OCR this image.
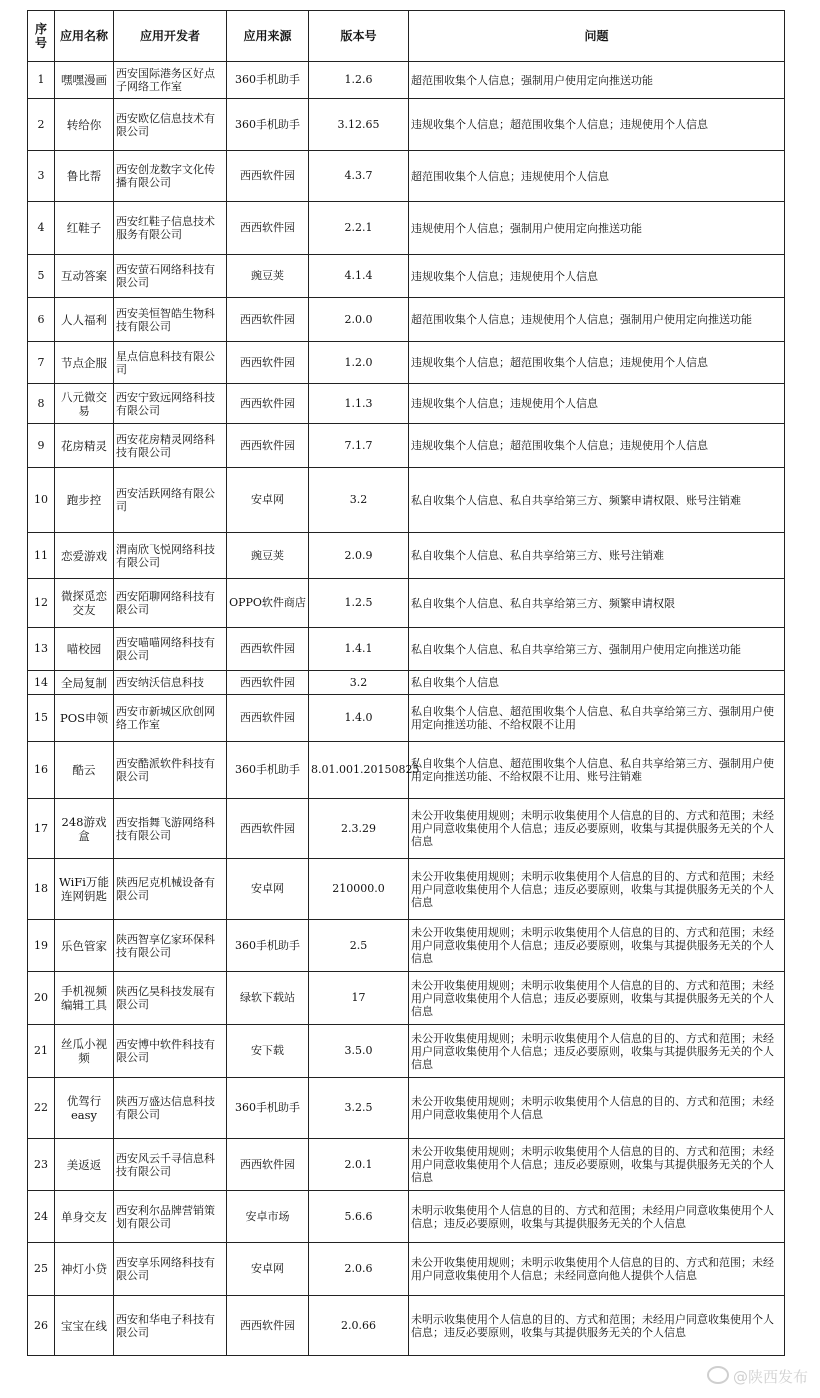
序
号	应用名称	应用开发者	应用来源	版本号	问题
1	嘿嘿漫画	西安国际港务区好点子网络工作室	360手机助手	1.2.6	超范围收集个人信息；强制用户使用定向推送功能
2	转给你	西安欧亿信息技术有限公司	360手机助手	3.12.65	违规收集个人信息；超范围收集个人信息；违规使用个人信息
3	鲁比帮	西安创龙数字文化传播有限公司	西西软件园	4.3.7	超范围收集个人信息；违规使用个人信息
4	红鞋子	西安红鞋子信息技术服务有限公司	西西软件园	2.2.1	违规使用个人信息；强制用户使用定向推送功能
5	互动答案	西安萤石网络科技有限公司	豌豆荚	4.1.4	违规收集个人信息；违规使用个人信息
6	人人福利	西安美恒智皓生物科技有限公司	西西软件园	2.0.0	超范围收集个人信息；违规使用个人信息；强制用户使用定向推送功能
7	节点企服	星点信息科技有限公司	西西软件园	1.2.0	违规收集个人信息；超范围收集个人信息；违规使用个人信息
8	八元微交易	西安宁致远网络科技有限公司	西西软件园	1.1.3	违规收集个人信息；违规使用个人信息
9	花房精灵	西安花房精灵网络科技有限公司	西西软件园	7.1.7	违规收集个人信息；超范围收集个人信息；违规使用个人信息
10	跑步控	西安活跃网络有限公司	安卓网	3.2	私自收集个人信息、私自共享给第三方、频繁申请权限、账号注销难
11	恋爱游戏	渭南欣飞悦网络科技有限公司	豌豆荚	2.0.9	私自收集个人信息、私自共享给第三方、账号注销难
12	微探觅恋交友	西安陌聊网络科技有限公司	OPPO软件商店	1.2.5	私自收集个人信息、私自共享给第三方、频繁申请权限
13	喵校园	西安喵喵网络科技有限公司	西西软件园	1.4.1	私自收集个人信息、私自共享给第三方、强制用户使用定向推送功能
14	全局复制	西安纳沃信息科技	西西软件园	3.2	私自收集个人信息
15	POS申领	西安市新城区欣创网络工作室	西西软件园	1.4.0	私自收集个人信息、超范围收集个人信息、私自共享给第三方、强制用户使用定向推送功能、不给权限不让用
16	酷云	西安酷派软件科技有限公司	360手机助手	8.01.001.20150825	私自收集个人信息、超范围收集个人信息、私自共享给第三方、强制用户使用定向推送功能、不给权限不让用、账号注销难
17	248游戏盒	西安指舞飞游网络科技有限公司	西西软件园	2.3.29	未公开收集使用规则；未明示收集使用个人信息的目的、方式和范围；未经用户同意收集使用个人信息；违反必要原则，收集与其提供服务无关的个人信息
18	WiFi万能连网钥匙	陕西尼克机械设备有限公司	安卓网	210000.0	未公开收集使用规则；未明示收集使用个人信息的目的、方式和范围；未经用户同意收集使用个人信息；违反必要原则，收集与其提供服务无关的个人信息
19	乐色管家	陕西智享亿家环保科技有限公司	360手机助手	2.5	未公开收集使用规则；未明示收集使用个人信息的目的、方式和范围；未经用户同意收集使用个人信息；违反必要原则，收集与其提供服务无关的个人信息
20	手机视频编辑工具	陕西亿昊科技发展有限公司	绿软下载站	17	未公开收集使用规则；未明示收集使用个人信息的目的、方式和范围；未经用户同意收集使用个人信息；违反必要原则，收集与其提供服务无关的个人信息
21	丝瓜小视频	西安博中软件科技有限公司	安下载	3.5.0	未公开收集使用规则；未明示收集使用个人信息的目的、方式和范围；未经用户同意收集使用个人信息；违反必要原则，收集与其提供服务无关的个人信息
22	优驾行easy	陕西万盛达信息科技有限公司	360手机助手	3.2.5	未公开收集使用规则；未明示收集使用个人信息的目的、方式和范围；未经用户同意收集使用个人信息
23	美返返	西安风云千寻信息科技有限公司	西西软件园	2.0.1	未公开收集使用规则；未明示收集使用个人信息的目的、方式和范围；未经用户同意收集使用个人信息；违反必要原则，收集与其提供服务无关的个人信息
24	单身交友	西安利尔品牌营销策划有限公司	安卓市场	5.6.6	未明示收集使用个人信息的目的、方式和范围；未经用户同意收集使用个人信息；违反必要原则，收集与其提供服务无关的个人信息
25	神灯小贷	西安享乐网络科技有限公司	安卓网	2.0.6	未公开收集使用规则；未明示收集使用个人信息的目的、方式和范围；未经用户同意收集使用个人信息；未经同意向他人提供个人信息
26	宝宝在线	西安和华电子科技有限公司	西西软件园	2.0.66	未明示收集使用个人信息的目的、方式和范围；未经用户同意收集使用个人信息；违反必要原则，收集与其提供服务无关的个人信息
@陕西发布
